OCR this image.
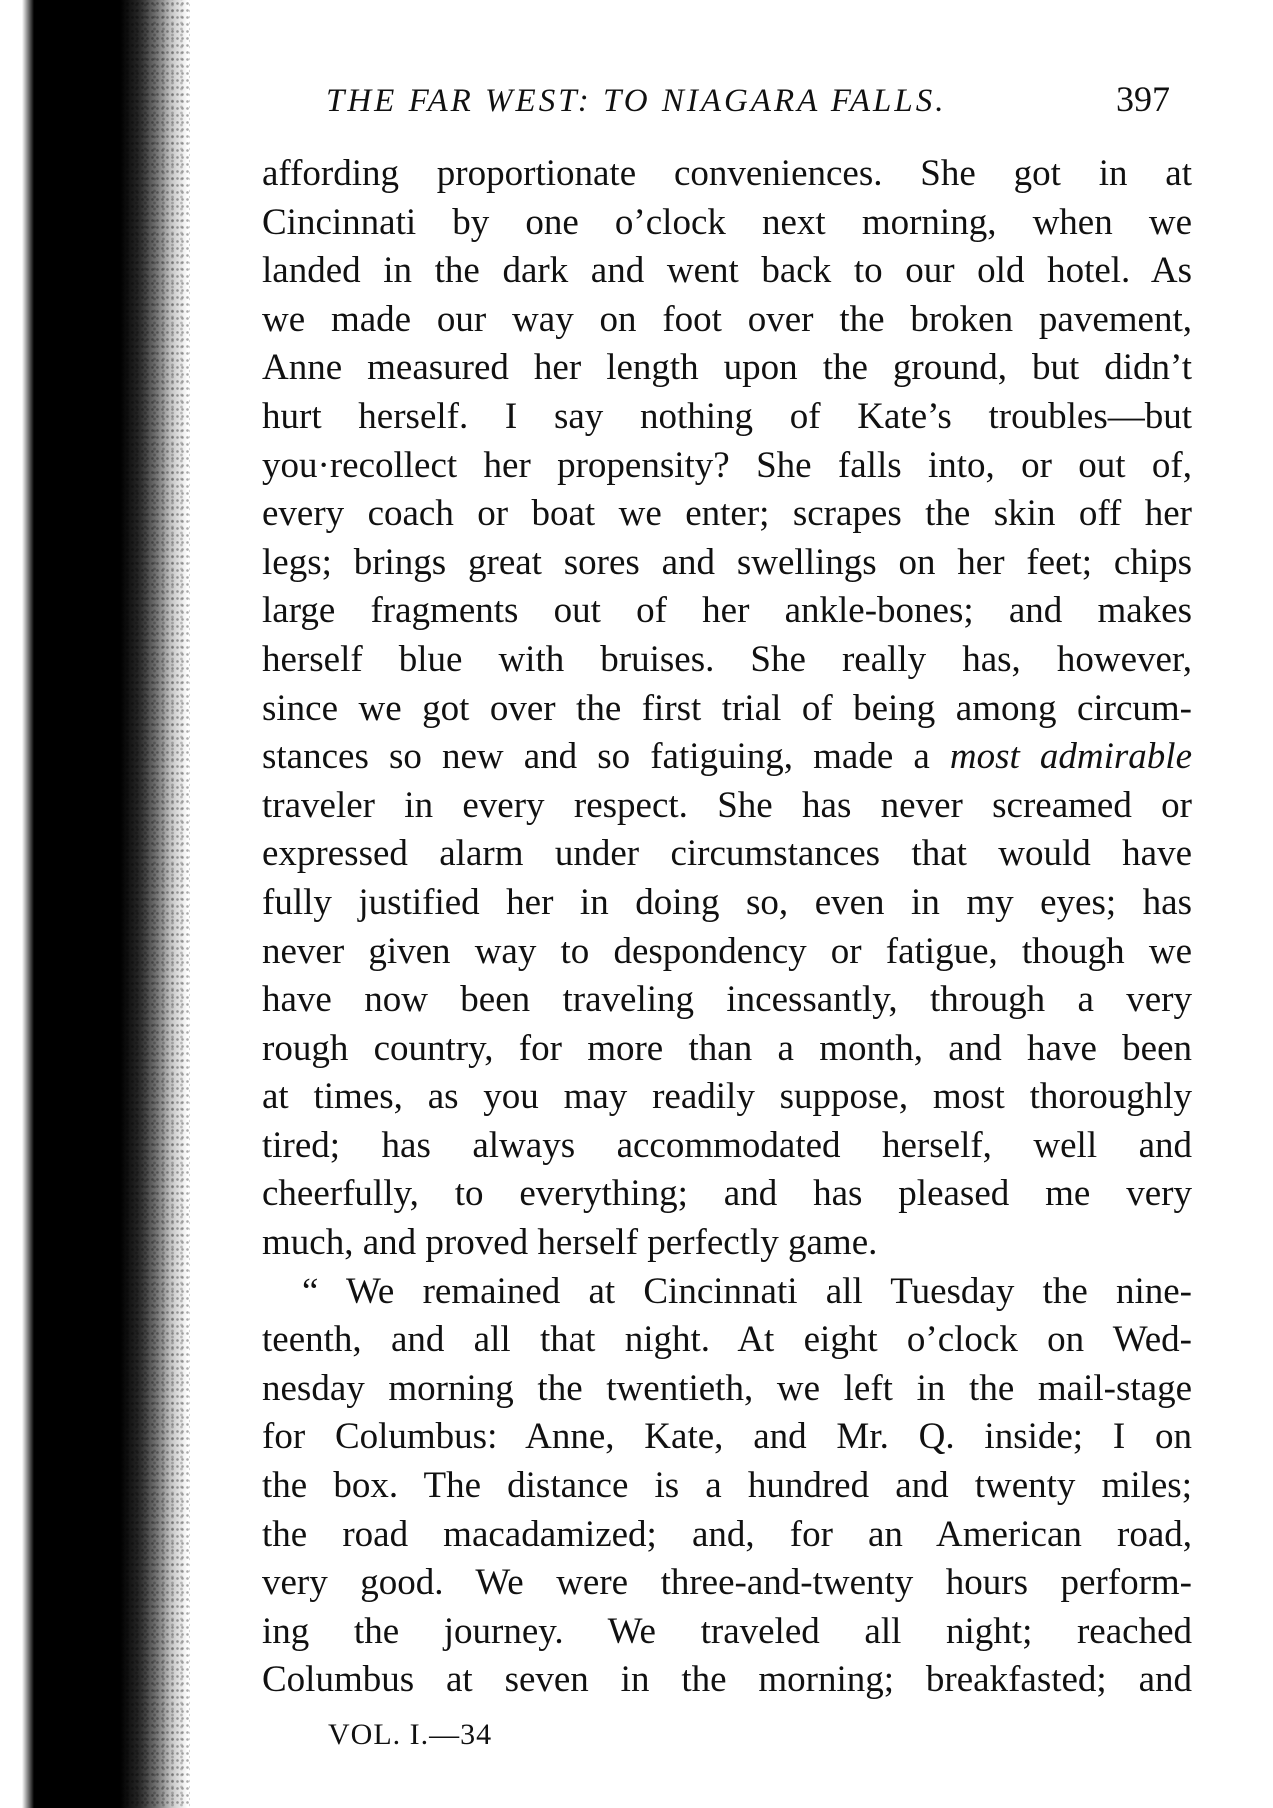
THE FAR WEST: TO NIAGARA FALLS.	397
affording proportionate conveniences. She got in at
Cincinnati by one o’clock next morning, when we
landed in the dark and went back to our old hotel. As
we made our way on foot over the broken pavement,
Anne measured her length upon the ground, but didn’t
hurt herself. I say nothing of Kate’s troubles—but
you·recollect her propensity? She falls into, or out of,
every coach or boat we enter; scrapes the skin off her
legs; brings great sores and swellings on her feet; chips
large fragments out of her ankle-bones; and makes
herself blue with bruises. She really has, however,
since we got over the first trial of being among circum-
stances so new and so fatiguing, made a most admirable
traveler in every respect. She has never screamed or
expressed alarm under circumstances that would have
fully justified her in doing so, even in my eyes; has
never given way to despondency or fatigue, though we
have now been traveling incessantly, through a very
rough country, for more than a month, and have been
at times, as you may readily suppose, most thoroughly
tired; has always accommodated herself, well and
cheerfully, to everything; and has pleased me very
much, and proved herself perfectly game.
“ We remained at Cincinnati all Tuesday the nine-
teenth, and all that night. At eight o’clock on Wed-
nesday morning the twentieth, we left in the mail-stage
for Columbus: Anne, Kate, and Mr. Q. inside; I on
the box. The distance is a hundred and twenty miles;
the road macadamized; and, for an American road,
very good. We were three-and-twenty hours perform-
ing the journey. We traveled all night; reached
Columbus at seven in the morning; breakfasted; and
VOL. I.—34
